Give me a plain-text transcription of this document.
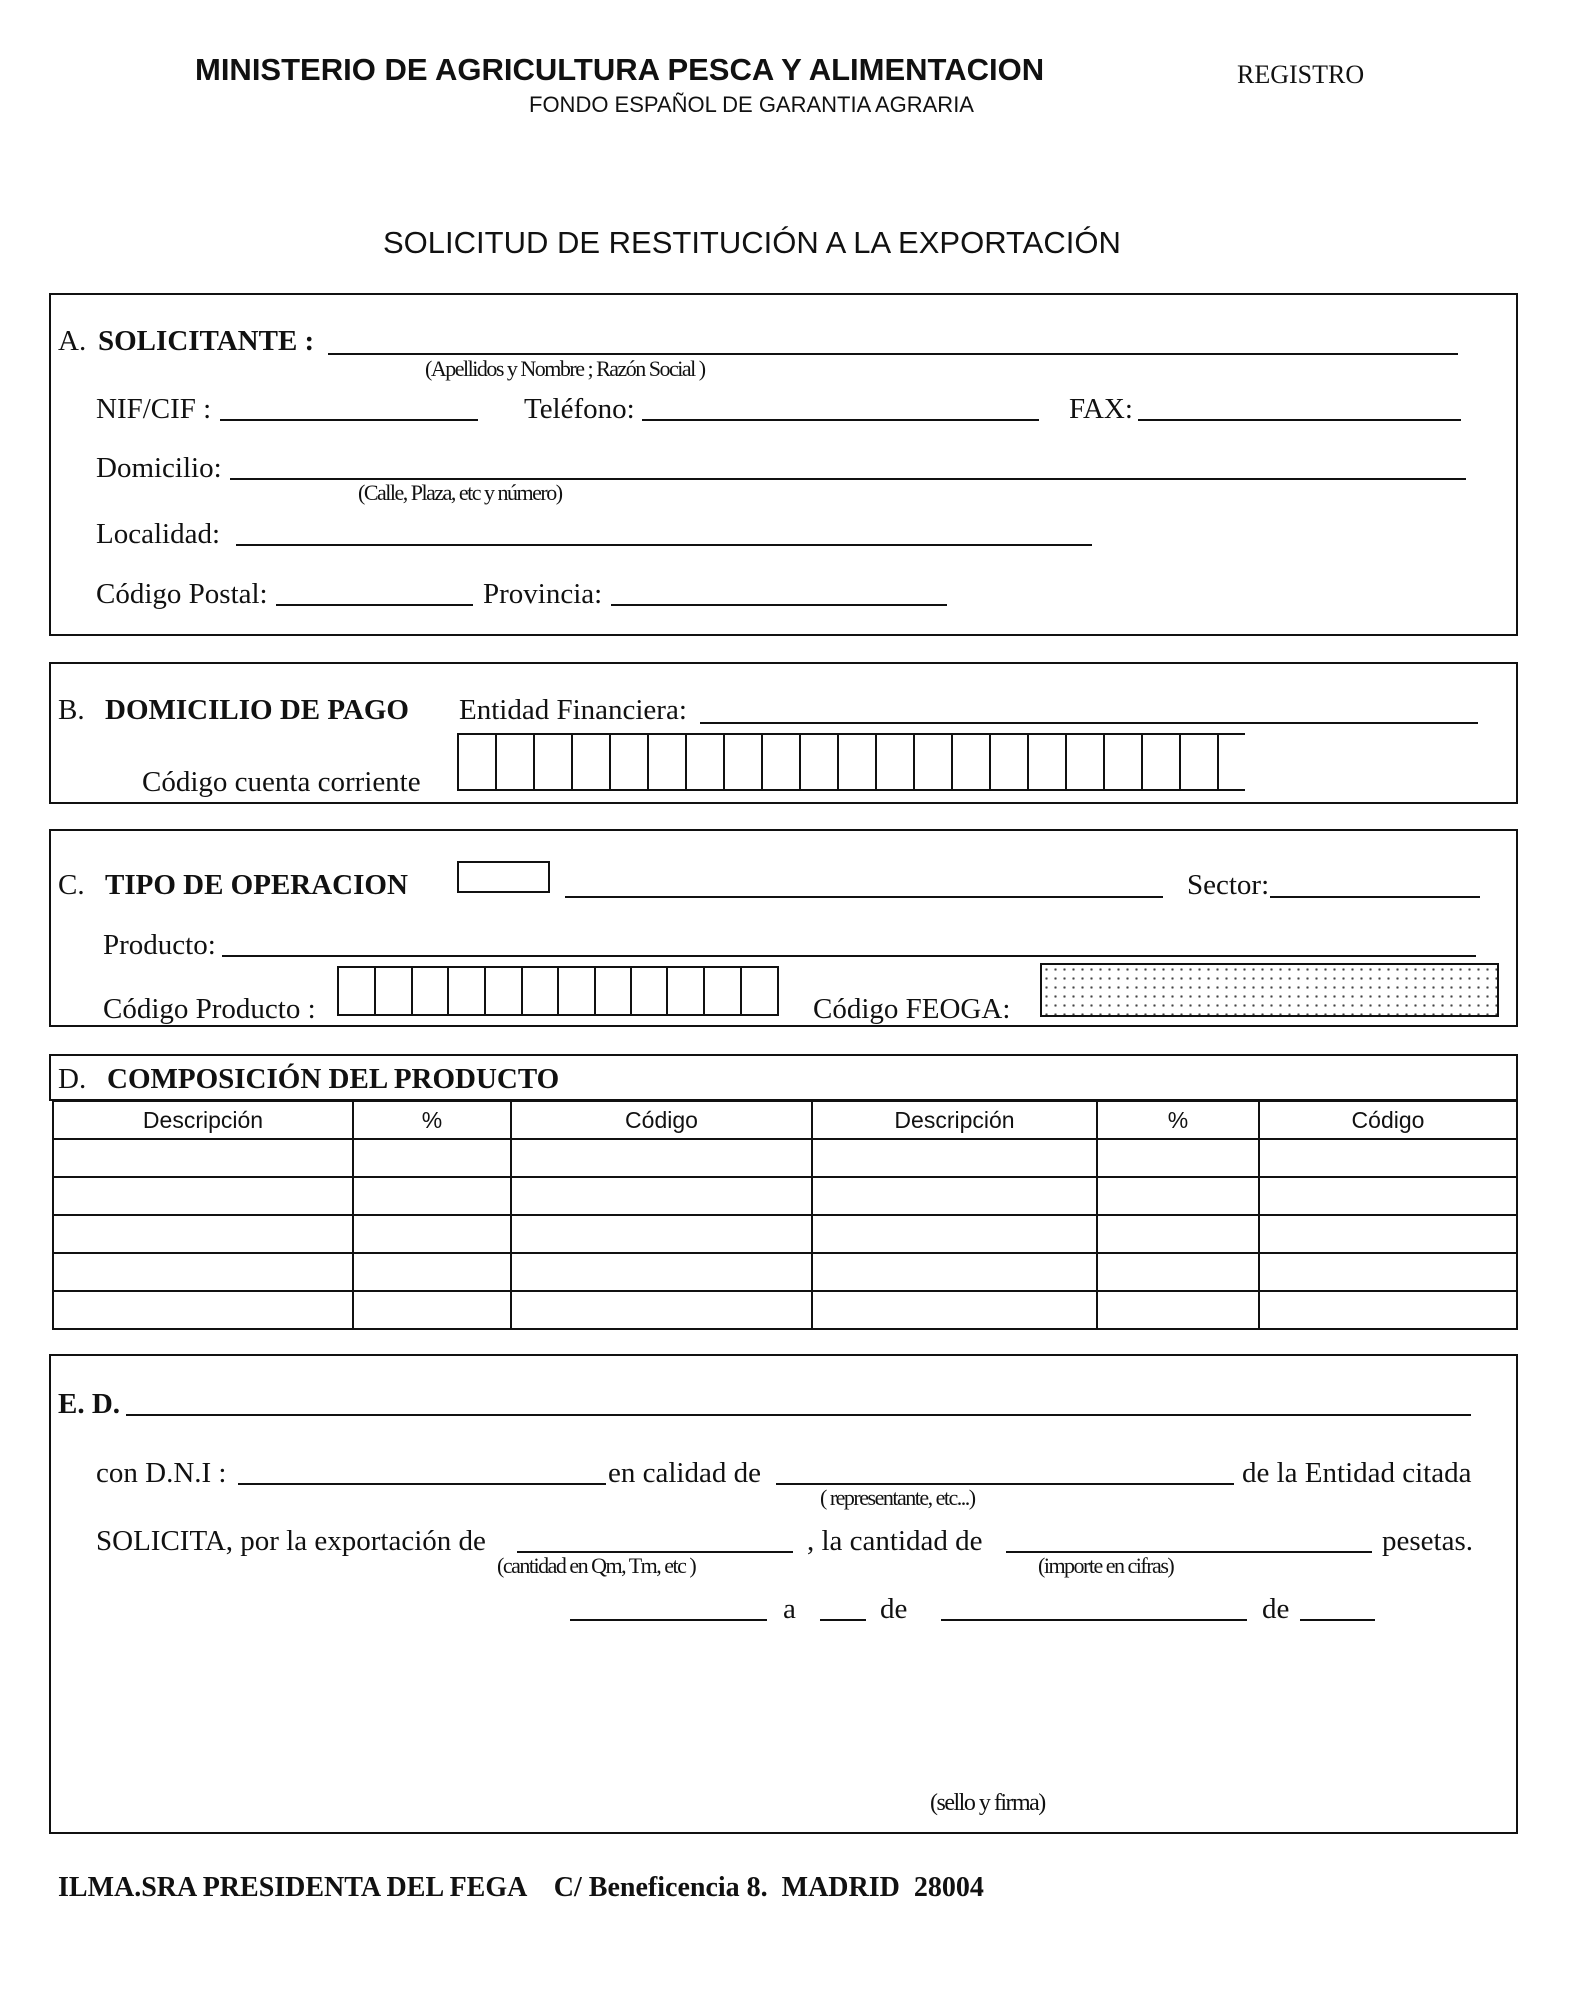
MINISTERIO DE AGRICULTURA PESCA Y ALIMENTACION
FONDO ESPAÑOL DE GARANTIA AGRARIA
REGISTRO
SOLICITUD DE RESTITUCIÓN A LA EXPORTACIÓN
A. SOLICITANTE :
(Apellidos y Nombre ; Razón Social )
NIF/CIF :	Teléfono:	FAX:
Domicilio:
(Calle, Plaza, etc y número)
Localidad:
Código Postal:	Provincia:
B. DOMICILIO DE PAGO Entidad Financiera:
Código cuenta corriente
C. TIPO DE OPERACION	Sector:
Producto:
Código Producto :	Código FEOGA:
D. COMPOSICIÓN DEL PRODUCTO
Descripción	%	Código	Descripción	%	Código

E. D.
con D.N.I :	en calidad de
( representante, etc...)
de la Entidad citada
SOLICITA, por la exportación de
(cantidad en Qm, Tm, etc )
, la cantidad de
(importe en cifras)
pesetas.
a	de	de
(sello y firma)
ILMA.SRA PRESIDENTA DEL FEGA    C/ Beneficencia 8.  MADRID  28004
